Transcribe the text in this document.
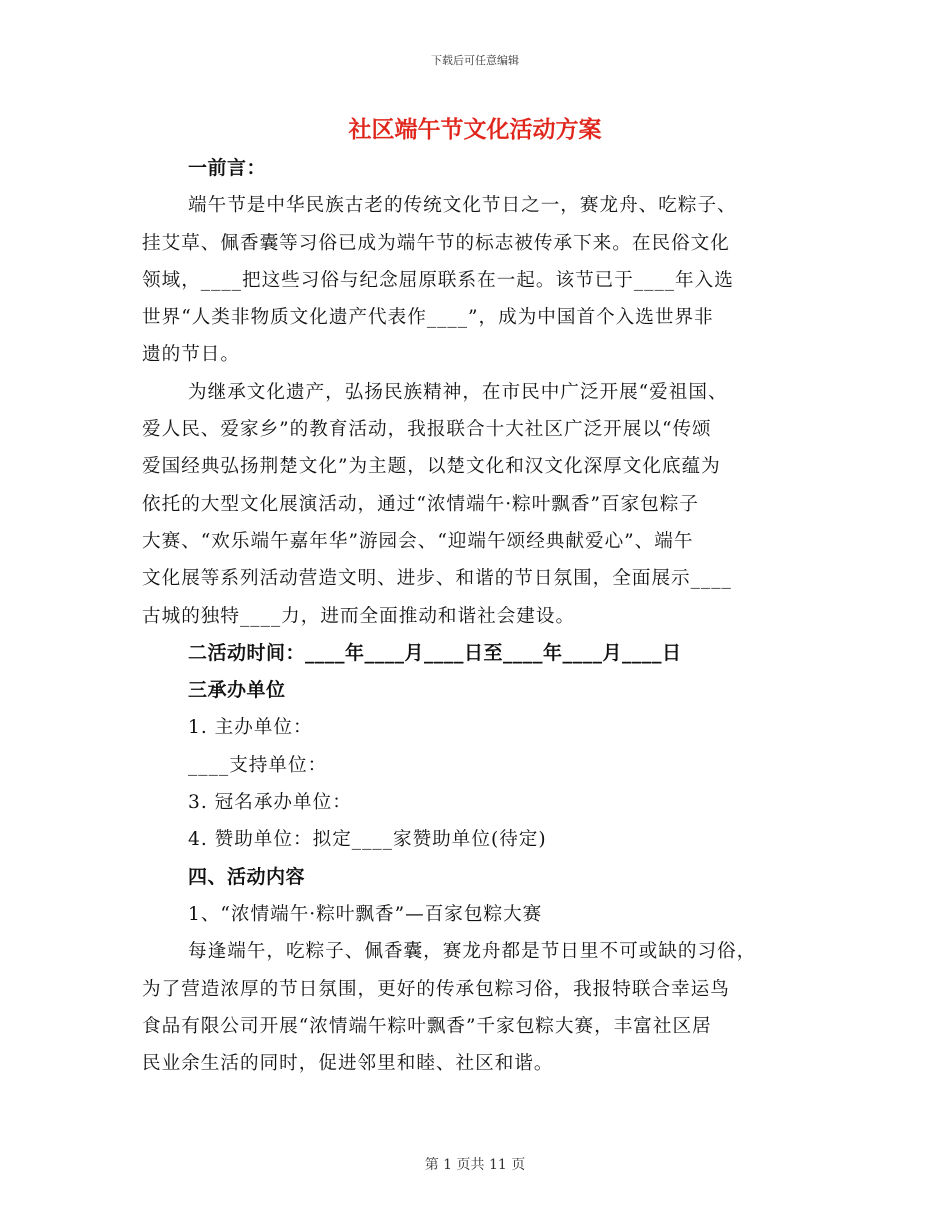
下载后可任意编辑
社区端午节文化活动方案
一前言：
端午节是中华民族古老的传统文化节日之一，赛龙舟、吃粽子、
挂艾草、佩香囊等习俗已成为端午节的标志被传承下来。在民俗文化
领域，____把这些习俗与纪念屈原联系在一起。该节已于____年入选
世界“人类非物质文化遗产代表作____”，成为中国首个入选世界非
遗的节日。
为继承文化遗产，弘扬民族精神，在市民中广泛开展“爱祖国、
爱人民、爱家乡”的教育活动，我报联合十大社区广泛开展以“传颂
爱国经典弘扬荆楚文化”为主题，以楚文化和汉文化深厚文化底蕴为
依托的大型文化展演活动，通过“浓情端午·粽叶飘香”百家包粽子
大赛、“欢乐端午嘉年华”游园会、“迎端午颂经典献爱心”、端午
文化展等系列活动营造文明、进步、和谐的节日氛围，全面展示____
古城的独特____力，进而全面推动和谐社会建设。
二活动时间：____年____月____日至____年____月____日
三承办单位
1. 主办单位：
____支持单位：
3. 冠名承办单位：
4. 赞助单位：拟定____家赞助单位(待定)
四、活动内容
1、“浓情端午·粽叶飘香”—百家包粽大赛
每逢端午，吃粽子、佩香囊，赛龙舟都是节日里不可或缺的习俗，
为了营造浓厚的节日氛围，更好的传承包粽习俗，我报特联合幸运鸟
食品有限公司开展“浓情端午粽叶飘香”千家包粽大赛，丰富社区居
民业余生活的同时，促进邻里和睦、社区和谐。
第 1 页共 11 页
